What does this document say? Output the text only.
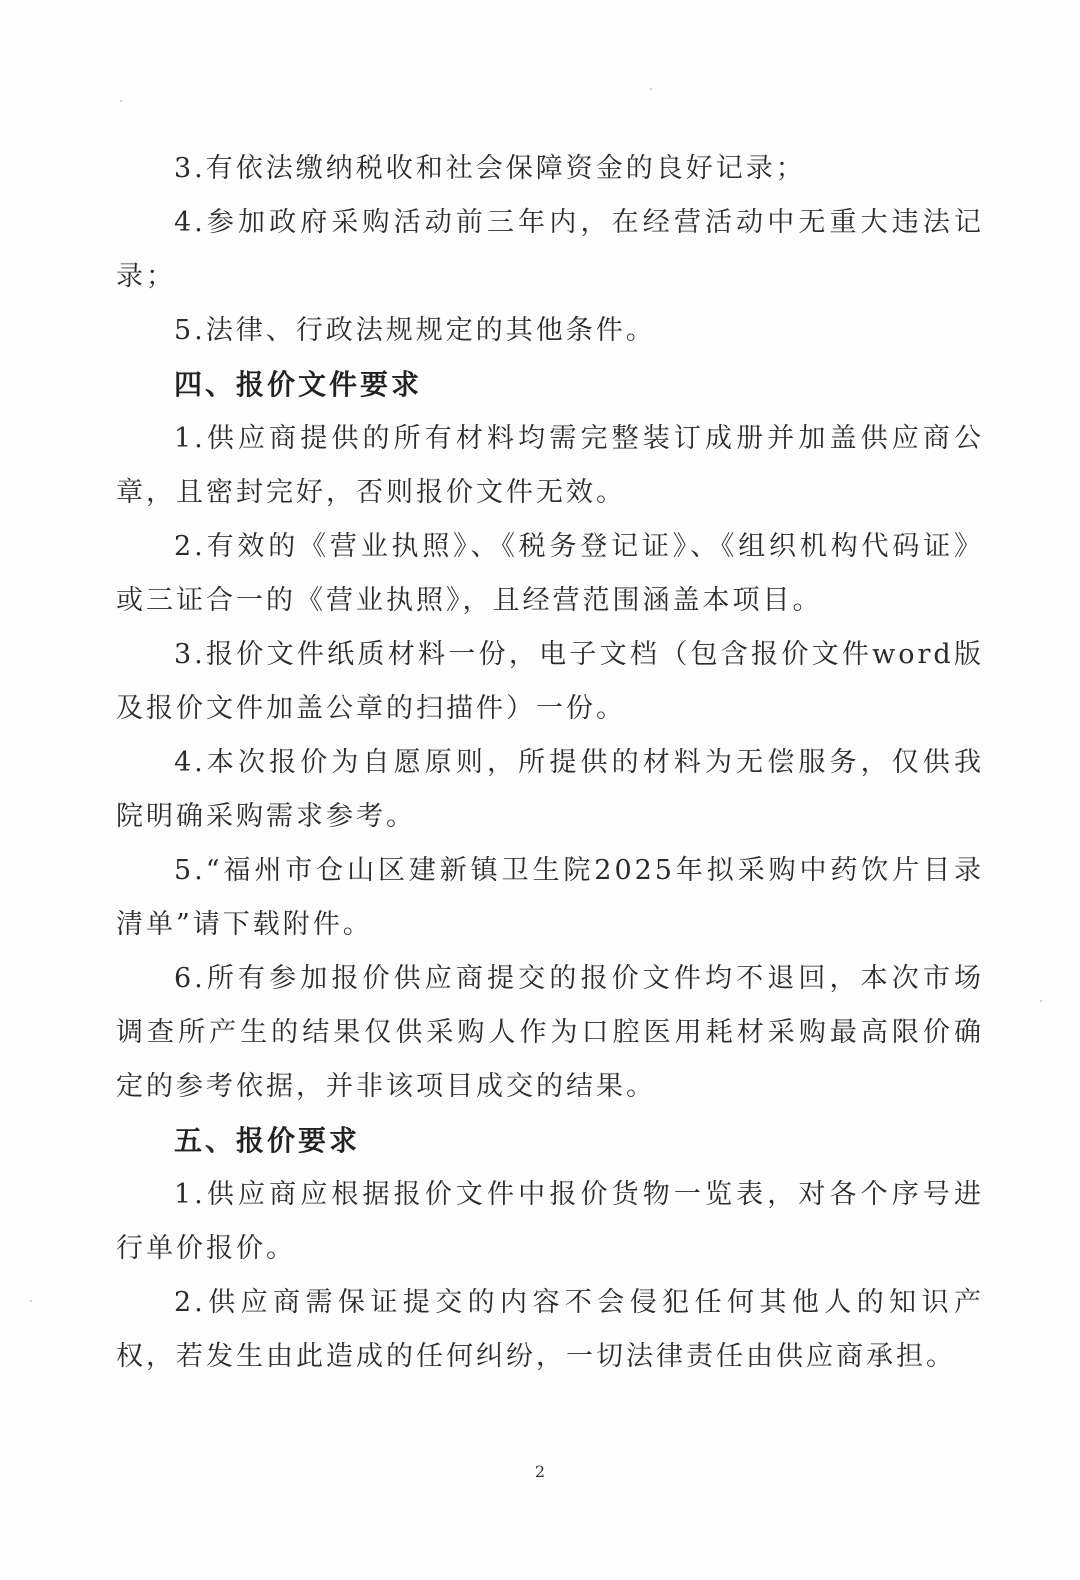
3.有依法缴纳税收和社会保障资金的良好记录；

4.参加政府采购活动前三年内，在经营活动中无重大违法记录；

5.法律、行政法规规定的其他条件。

四、报价文件要求

1.供应商提供的所有材料均需完整装订成册并加盖供应商公章，且密封完好，否则报价文件无效。

2.有效的《营业执照》、《税务登记证》、《组织机构代码证》或三证合一的《营业执照》，且经营范围涵盖本项目。

3.报价文件纸质材料一份，电子文档（包含报价文件word版及报价文件加盖公章的扫描件）一份。

4.本次报价为自愿原则，所提供的材料为无偿服务，仅供我院明确采购需求参考。

5.“福州市仓山区建新镇卫生院2025年拟采购中药饮片目录清单”请下载附件。

6.所有参加报价供应商提交的报价文件均不退回，本次市场调查所产生的结果仅供采购人作为口腔医用耗材采购最高限价确定的参考依据，并非该项目成交的结果。

五、报价要求

1.供应商应根据报价文件中报价货物一览表，对各个序号进行单价报价。

2.供应商需保证提交的内容不会侵犯任何其他人的知识产权，若发生由此造成的任何纠纷，一切法律责任由供应商承担。

2
